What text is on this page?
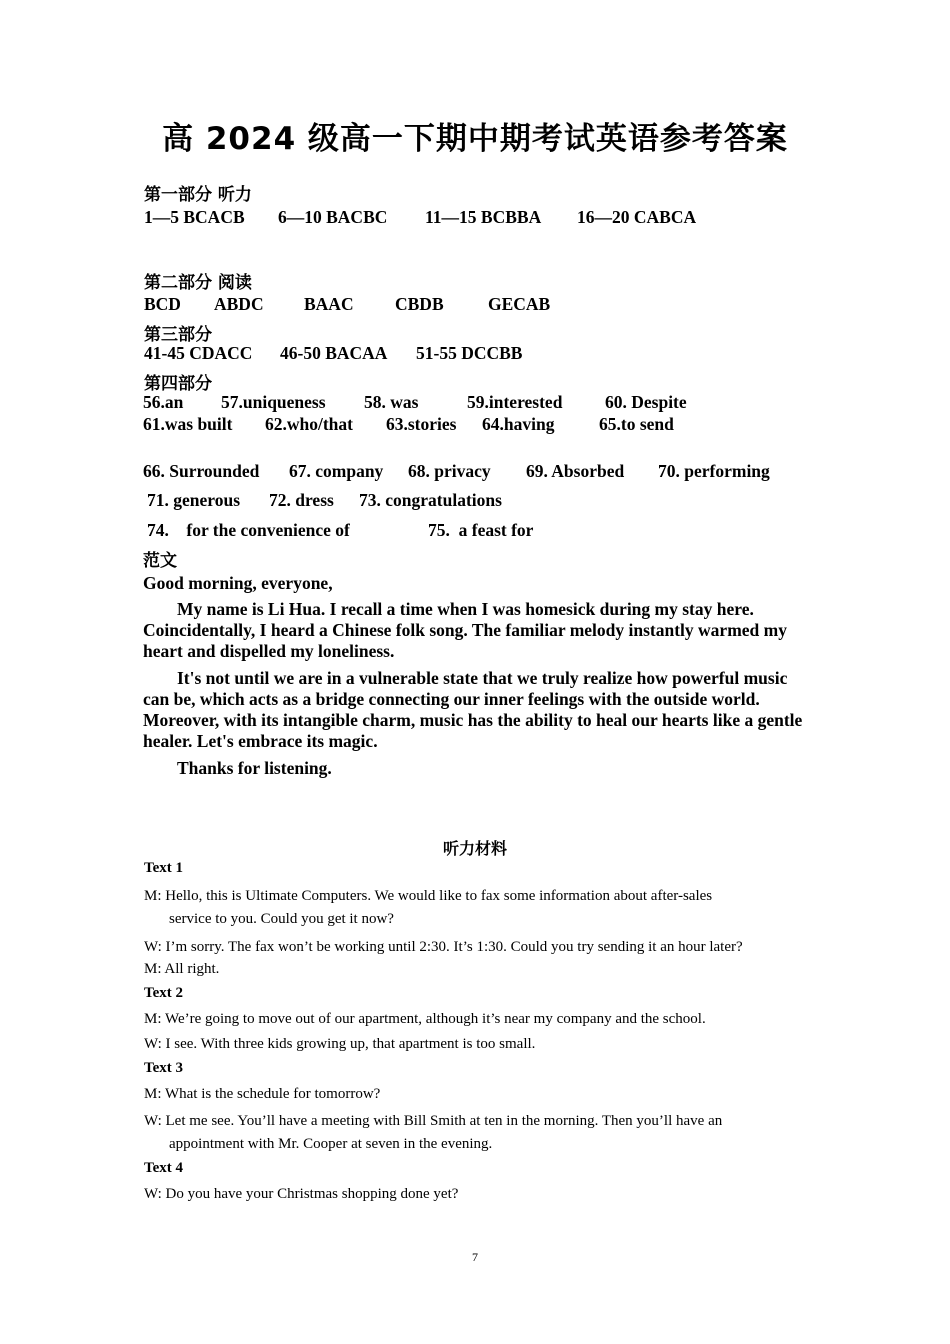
高 2024 级高一下期中期考试英语参考答案
第一部分 听力
1—5 BCACB 6—10 BACBC 11—15 BCBBA 16—20 CABCA
第二部分 阅读
BCD ABDC BAAC CBDB	GECAB
第三部分
41-45 CDACC 46-50 BACAA 51-55 DCCBB
第四部分
56.an 57.uniqueness 58. was	59.interested 60. Despite
61.was built 62.who/that 63.stories 64.having	65.to send
66. Surrounded 67. company 68. privacy 69. Absorbed 70. performing
71. generous 72. dress 73. congratulations
74.    for the convenience of	75.  a feast for
范文
Good morning, everyone,
My name is Li Hua. I recall a time when I was homesick during my stay here. Coincidentally, I heard a Chinese folk song. The familiar melody instantly warmed my heart and dispelled my loneliness.
It's not until we are in a vulnerable state that we truly realize how powerful music can be, which acts as a bridge connecting our inner feelings with the outside world. Moreover, with its intangible charm, music has the ability to heal our hearts like a gentle healer. Let's embrace its magic.
Thanks for listening.
听力材料
Text 1
M: Hello, this is Ultimate Computers. We would like to fax some information about after-sales
service to you. Could you get it now?
W: I’m sorry. The fax won’t be working until 2:30. It’s 1:30. Could you try sending it an hour later?
M: All right.
Text 2
M: We’re going to move out of our apartment, although it’s near my company and the school.
W: I see. With three kids growing up, that apartment is too small.
Text 3
M: What is the schedule for tomorrow?
W: Let me see. You’ll have a meeting with Bill Smith at ten in the morning. Then you’ll have an
appointment with Mr. Cooper at seven in the evening.
Text 4
W: Do you have your Christmas shopping done yet?
7
